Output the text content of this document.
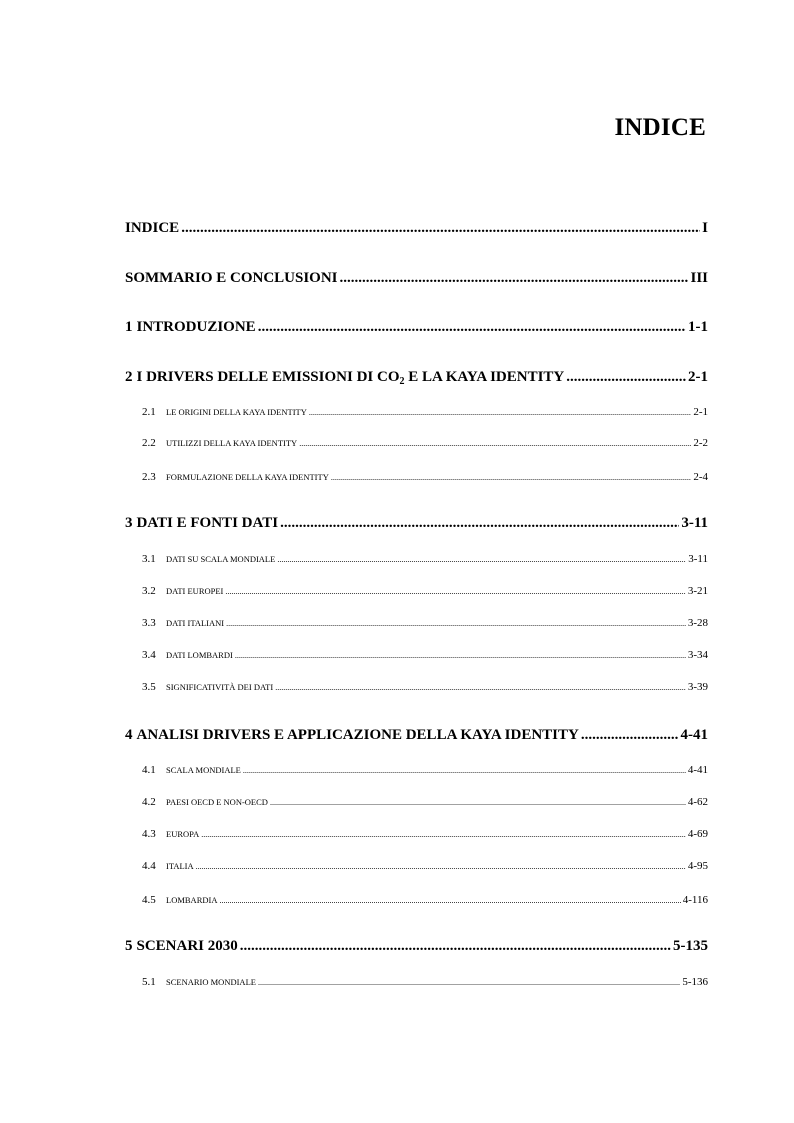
INDICE
INDICE .....	I
SOMMARIO E CONCLUSIONI .....	III
1 INTRODUZIONE .....	1-1
2 I DRIVERS DELLE EMISSIONI DI $CO_2$ E LA KAYA IDENTITY .....	2-1
2.1	LE ORIGINI DELLA KAYA IDENTITY .....	2-1
2.2	UTILIZZI DELLA KAYA IDENTITY .....	2-2
2.3	FORMULAZIONE DELLA KAYA IDENTITY .....	2-4
3 DATI E FONTI DATI .....	3-11
3.1	DATI SU SCALA MONDIALE .....	3-11
3.2	DATI EUROPEI .....	3-21
3.3	DATI ITALIANI .....	3-28
3.4	DATI LOMBARDI .....	3-34
3.5	SIGNIFICATIVITÀ DEI DATI .....	3-39
4 ANALISI DRIVERS E APPLICAZIONE DELLA KAYA IDENTITY .....	4-41
4.1	SCALA MONDIALE .....	4-41
4.2	PAESI OECD E NON-OECD .....	4-62
4.3	EUROPA .....	4-69
4.4	ITALIA .....	4-95
4.5	LOMBARDIA .....	4-116
5 SCENARI 2030 .....	5-135
5.1	SCENARIO MONDIALE .....	5-136
